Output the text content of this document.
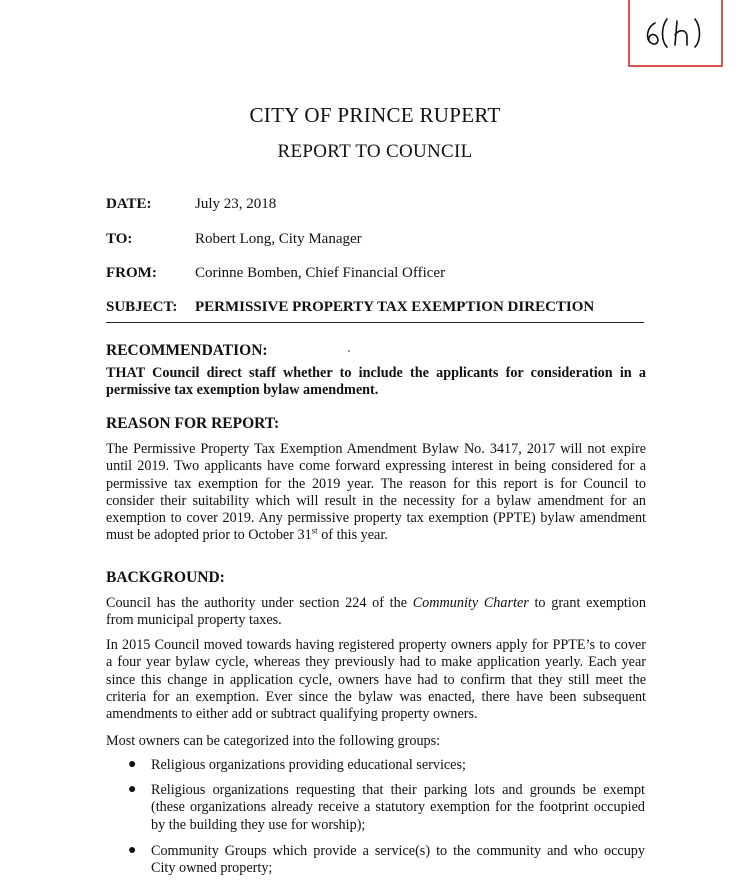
CITY OF PRINCE RUPERT
REPORT TO COUNCIL
DATE:	July 23, 2018
TO:	Robert Long, City Manager
FROM:	Corinne Bomben, Chief Financial Officer
SUBJECT: PERMISSIVE PROPERTY TAX EXEMPTION DIRECTION
RECOMMENDATION:
THAT Council direct staff whether to include the applicants for consideration in a permissive tax exemption bylaw amendment.
REASON FOR REPORT:
The Permissive Property Tax Exemption Amendment Bylaw No. 3417, 2017 will not expire until 2019. Two applicants have come forward expressing interest in being considered for a permissive tax exemption for the 2019 year. The reason for this report is for Council to consider their suitability which will result in the necessity for a bylaw amendment for an exemption to cover 2019. Any permissive property tax exemption (PPTE) bylaw amendment must be adopted prior to October 31st of this year.
BACKGROUND:
Council has the authority under section 224 of the Community Charter to grant exemption from municipal property taxes.
In 2015 Council moved towards having registered property owners apply for PPTE’s to cover a four year bylaw cycle, whereas they previously had to make application yearly. Each year since this change in application cycle, owners have had to confirm that they still meet the criteria for an exemption. Ever since the bylaw was enacted, there have been subsequent amendments to either add or subtract qualifying property owners.
Most owners can be categorized into the following groups:
● Religious organizations providing educational services;
● Religious organizations requesting that their parking lots and grounds be exempt (these organizations already receive a statutory exemption for the footprint occupied by the building they use for worship);
● Community Groups which provide a service(s) to the community and who occupy City owned property;
